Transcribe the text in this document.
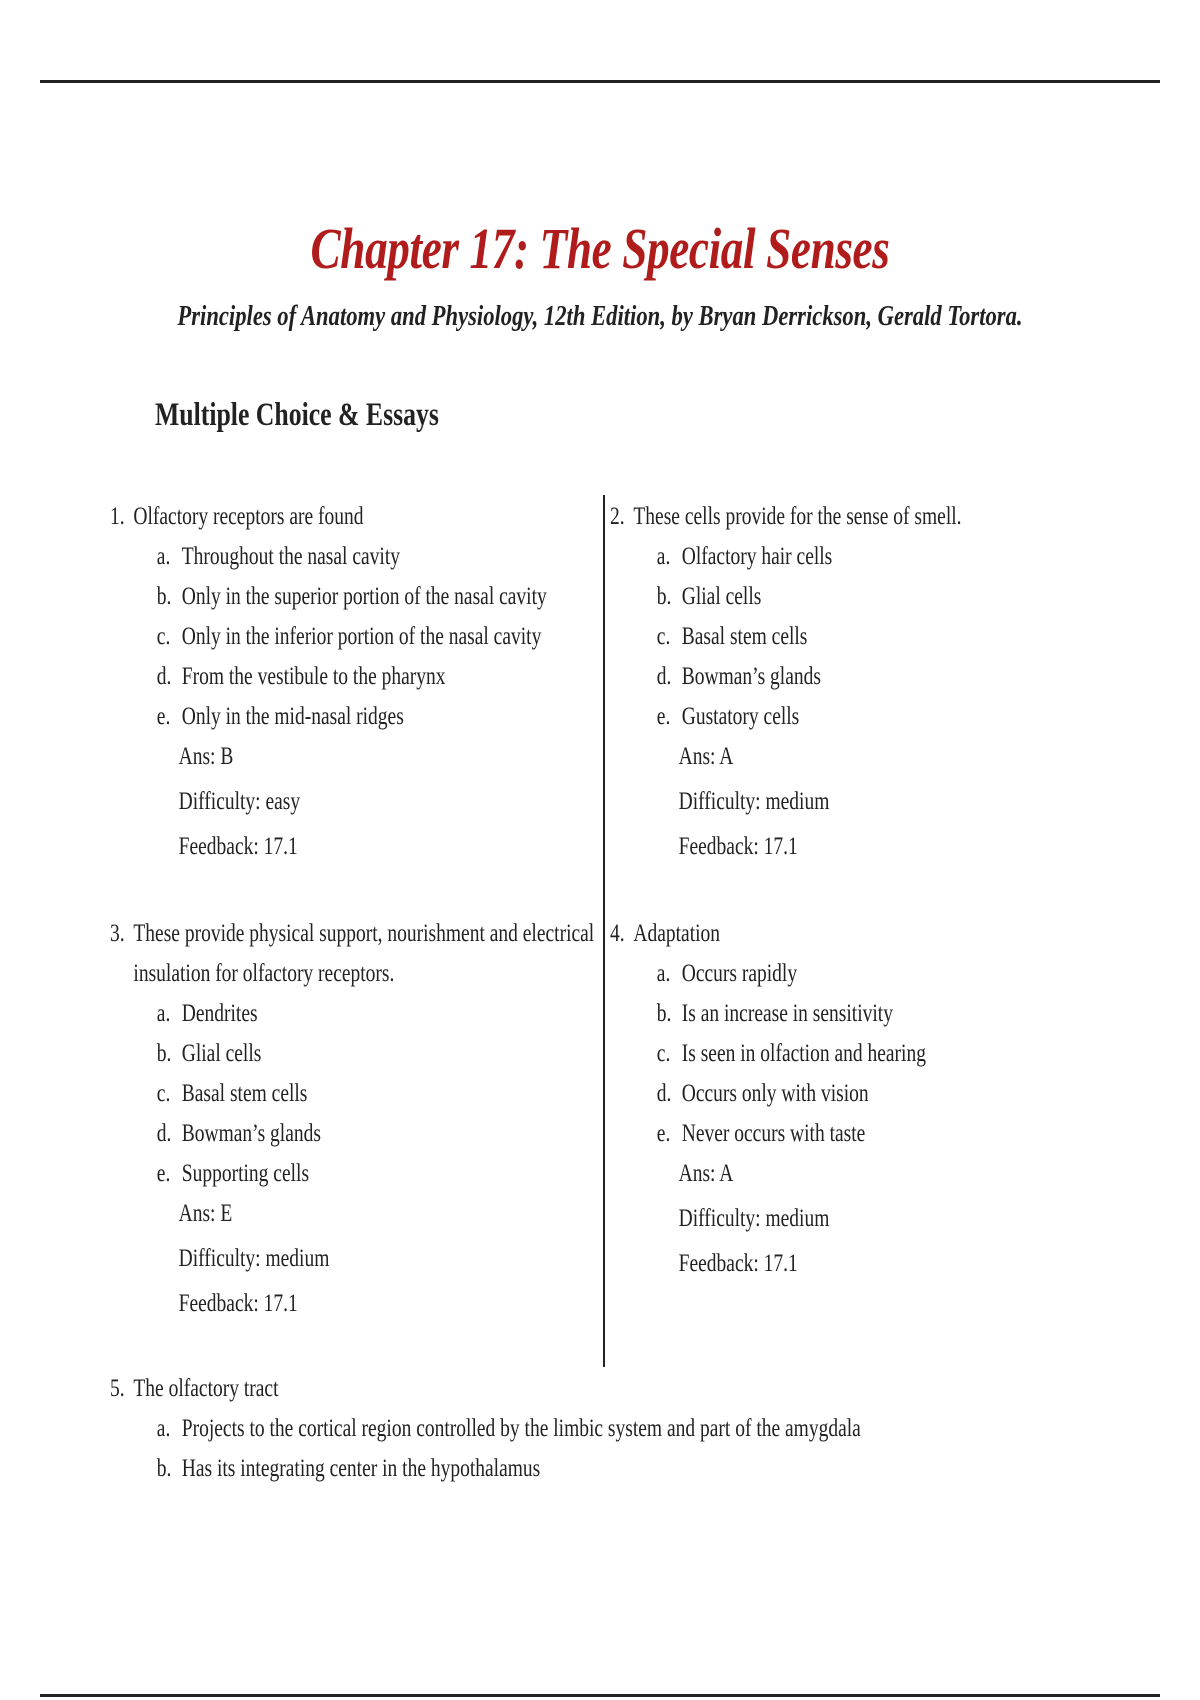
Chapter 17: The Special Senses
Principles of Anatomy and Physiology, 12th Edition, by Bryan Derrickson, Gerald Tortora.
Multiple Choice & Essays
1. Olfactory receptors are found
a. Throughout the nasal cavity
b. Only in the superior portion of the nasal cavity
c. Only in the inferior portion of the nasal cavity
d. From the vestibule to the pharynx
e. Only in the mid-nasal ridges
Ans: B
Difficulty: easy
Feedback: 17.1
2. These cells provide for the sense of smell.
a. Olfactory hair cells
b. Glial cells
c. Basal stem cells
d. Bowman’s glands
e. Gustatory cells
Ans: A
Difficulty: medium
Feedback: 17.1
3. These provide physical support, nourishment and electrical
insulation for olfactory receptors.
a. Dendrites
b. Glial cells
c. Basal stem cells
d. Bowman’s glands
e. Supporting cells
Ans: E
Difficulty: medium
Feedback: 17.1
4. Adaptation
a. Occurs rapidly
b. Is an increase in sensitivity
c. Is seen in olfaction and hearing
d. Occurs only with vision
e. Never occurs with taste
Ans: A
Difficulty: medium
Feedback: 17.1
5. The olfactory tract
a. Projects to the cortical region controlled by the limbic system and part of the amygdala
b. Has its integrating center in the hypothalamus
